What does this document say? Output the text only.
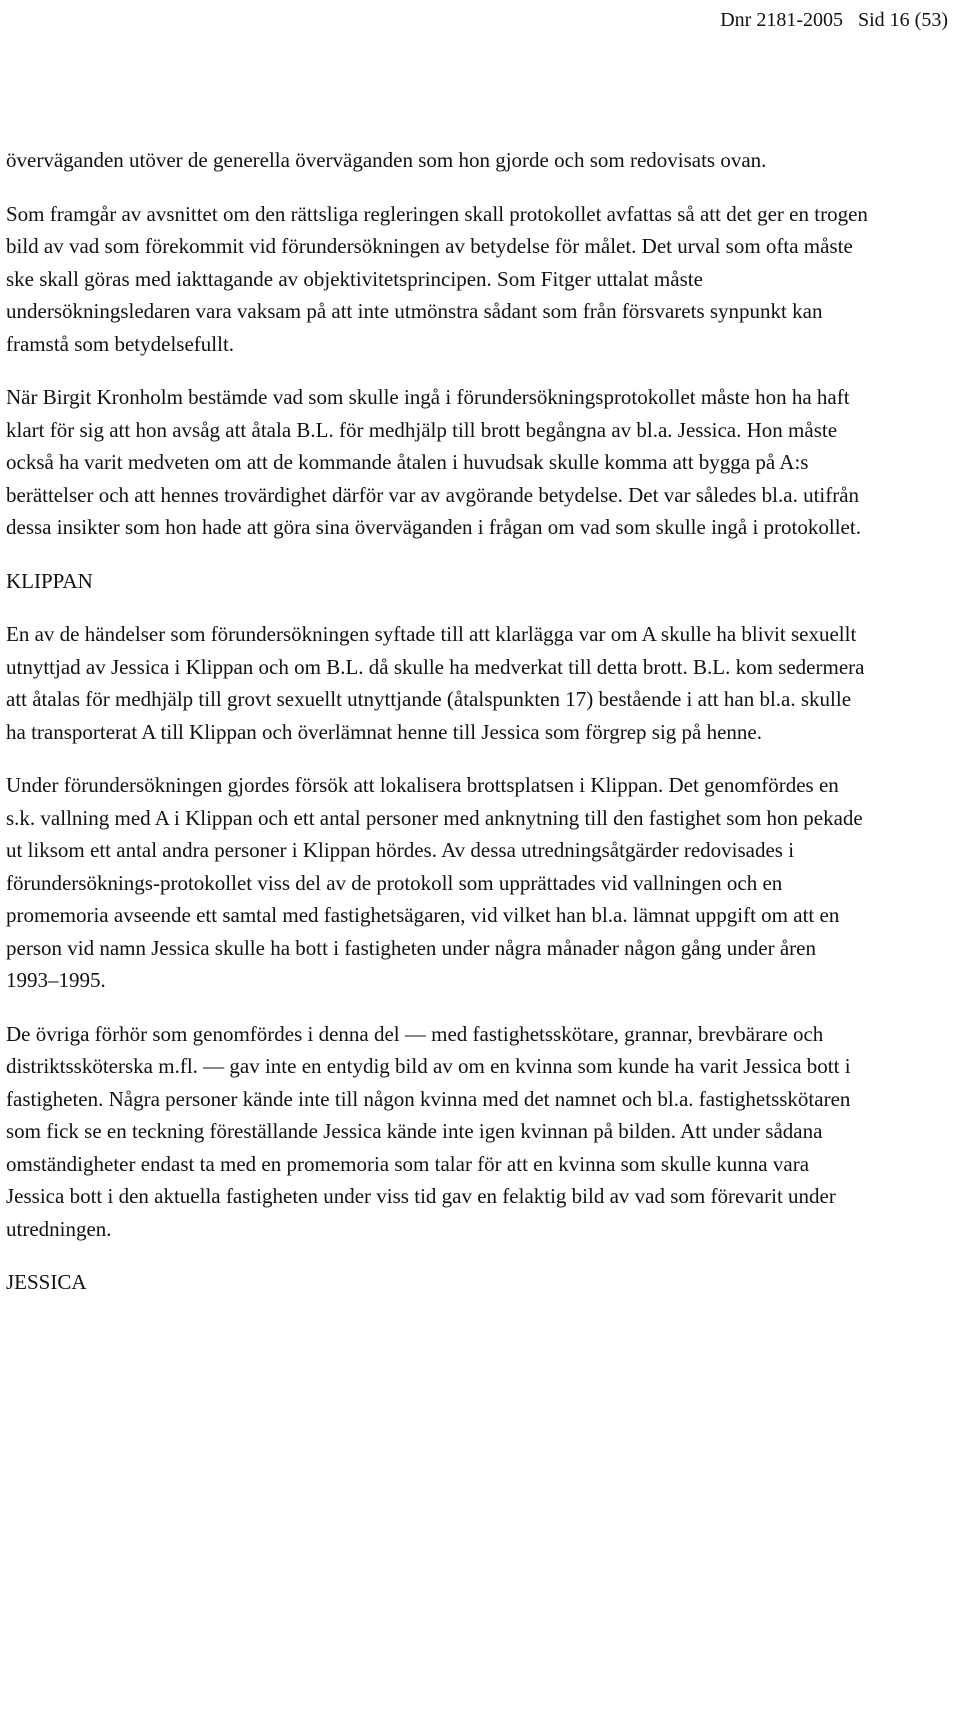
Dnr 2181-2005 Sid 16 (53)

överväganden utöver de generella överväganden som hon gjorde och som redovisats ovan.

Som framgår av avsnittet om den rättsliga regleringen skall protokollet avfattas så att det ger en trogen bild av vad som förekommit vid förundersökningen av betydelse för målet. Det urval som ofta måste ske skall göras med iakttagande av objektivitetsprincipen. Som Fitger uttalat måste undersökningsledaren vara vaksam på att inte utmönstra sådant som från försvarets synpunkt kan framstå som betydelsefullt.

När Birgit Kronholm bestämde vad som skulle ingå i förundersökningsprotokollet måste hon ha haft klart för sig att hon avsåg att åtala B.L. för medhjälp till brott begångna av bl.a. Jessica. Hon måste också ha varit medveten om att de kommande åtalen i huvudsak skulle komma att bygga på A:s berättelser och att hennes trovärdighet därför var av avgörande betydelse. Det var således bl.a. utifrån dessa insikter som hon hade att göra sina överväganden i frågan om vad som skulle ingå i protokollet.

KLIPPAN

En av de händelser som förundersökningen syftade till att klarlägga var om A skulle ha blivit sexuellt utnyttjad av Jessica i Klippan och om B.L. då skulle ha medverkat till detta brott. B.L. kom sedermera att åtalas för medhjälp till grovt sexuellt utnyttjande (åtalspunkten 17) bestående i att han bl.a. skulle ha transporterat A till Klippan och överlämnat henne till Jessica som förgrep sig på henne.

Under förundersökningen gjordes försök att lokalisera brottsplatsen i Klippan. Det genomfördes en s.k. vallning med A i Klippan och ett antal personer med anknytning till den fastighet som hon pekade ut liksom ett antal andra personer i Klippan hördes. Av dessa utredningsåtgärder redovisades i förundersöknings-protokollet viss del av de protokoll som upprättades vid vallningen och en promemoria avseende ett samtal med fastighetsägaren, vid vilket han bl.a. lämnat uppgift om att en person vid namn Jessica skulle ha bott i fastigheten under några månader någon gång under åren 1993–1995.

De övriga förhör som genomfördes i denna del — med fastighetsskötare, grannar, brevbärare och distriktssköterska m.fl. — gav inte en entydig bild av om en kvinna som kunde ha varit Jessica bott i fastigheten. Några personer kände inte till någon kvinna med det namnet och bl.a. fastighetsskötaren som fick se en teckning föreställande Jessica kände inte igen kvinnan på bilden. Att under sådana omständigheter endast ta med en promemoria som talar för att en kvinna som skulle kunna vara Jessica bott i den aktuella fastigheten under viss tid gav en felaktig bild av vad som förevarit under utredningen.

JESSICA
